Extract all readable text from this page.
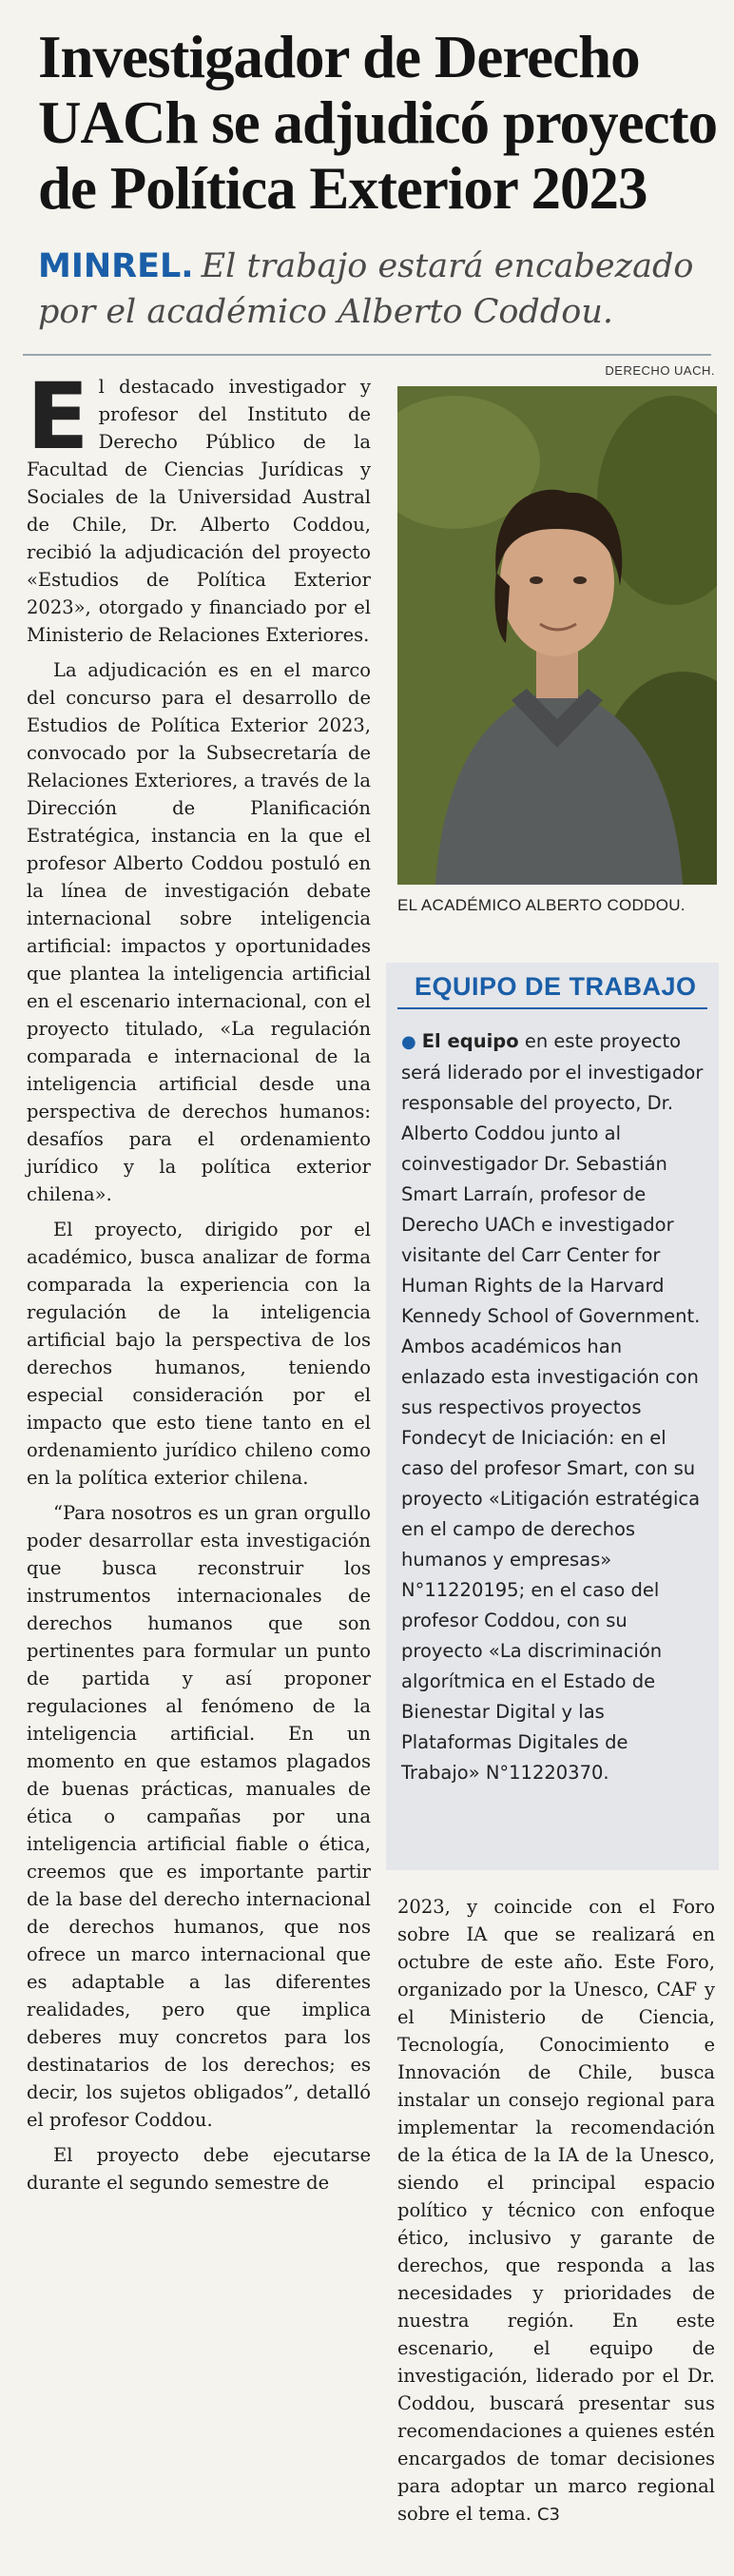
Investigador de Derecho
UACh se adjudicó proyecto
de Política Exterior 2023

MINREL. El trabajo estará encabezado por el académico Alberto Coddou.

El destacado investigador y profesor del Instituto de Derecho Público de la Facultad de Ciencias Jurídicas y Sociales de la Universidad Austral de Chile, Dr. Alberto Coddou, recibió la adjudicación del proyecto «Estudios de Política Exterior 2023», otorgado y financiado por el Ministerio de Relaciones Exteriores.

La adjudicación es en el marco del concurso para el desarrollo de Estudios de Política Exterior 2023, convocado por la Subsecretaría de Relaciones Exteriores, a través de la Dirección de Planificación Estratégica, instancia en la que el profesor Alberto Coddou postuló en la línea de investigación debate internacional sobre inteligencia artificial: impactos y oportunidades que plantea la inteligencia artificial en el escenario internacional, con el proyecto titulado, «La regulación comparada e internacional de la inteligencia artificial desde una perspectiva de derechos humanos: desafíos para el ordenamiento jurídico y la política exterior chilena».

El proyecto, dirigido por el académico, busca analizar de forma comparada la experiencia con la regulación de la inteligencia artificial bajo la perspectiva de los derechos humanos, teniendo especial consideración por el impacto que esto tiene tanto en el ordenamiento jurídico chileno como en la política exterior chilena.

“Para nosotros es un gran orgullo poder desarrollar esta investigación que busca reconstruir los instrumentos internacionales de derechos humanos que son pertinentes para formular un punto de partida y así proponer regulaciones al fenómeno de la inteligencia artificial. En un momento en que estamos plagados de buenas prácticas, manuales de ética o campañas por una inteligencia artificial fiable o ética, creemos que es importante partir de la base del derecho internacional de derechos humanos, que nos ofrece un marco internacional que es adaptable a las diferentes realidades, pero que implica deberes muy concretos para los destinatarios de los derechos; es decir, los sujetos obligados”, detalló el profesor Coddou.

El proyecto debe ejecutarse durante el segundo semestre de

DERECHO UACH.
EL ACADÉMICO ALBERTO CODDOU.
EQUIPO DE TRABAJO

● El equipo en este proyecto será liderado por el investigador responsable del proyecto, Dr. Alberto Coddou junto al coinvestigador Dr. Sebastián Smart Larraín, profesor de Derecho UACh e investigador visitante del Carr Center for Human Rights de la Harvard Kennedy School of Government. Ambos académicos han enlazado esta investigación con sus respectivos proyectos Fondecyt de Iniciación: en el caso del profesor Smart, con su proyecto «Litigación estratégica en el campo de derechos humanos y empresas» N°11220195; en el caso del profesor Coddou, con su proyecto «La discriminación algorítmica en el Estado de Bienestar Digital y las Plataformas Digitales de Trabajo» N°11220370.

2023, y coincide con el Foro sobre IA que se realizará en octubre de este año. Este Foro, organizado por la Unesco, CAF y el Ministerio de Ciencia, Tecnología, Conocimiento e Innovación de Chile, busca instalar un consejo regional para implementar la recomendación de la ética de la IA de la Unesco, siendo el principal espacio político y técnico con enfoque ético, inclusivo y garante de derechos, que responda a las necesidades y prioridades de nuestra región. En este escenario, el equipo de investigación, liderado por el Dr. Coddou, buscará presentar sus recomendaciones a quienes estén encargados de tomar decisiones para adoptar un marco regional sobre el tema. C3
